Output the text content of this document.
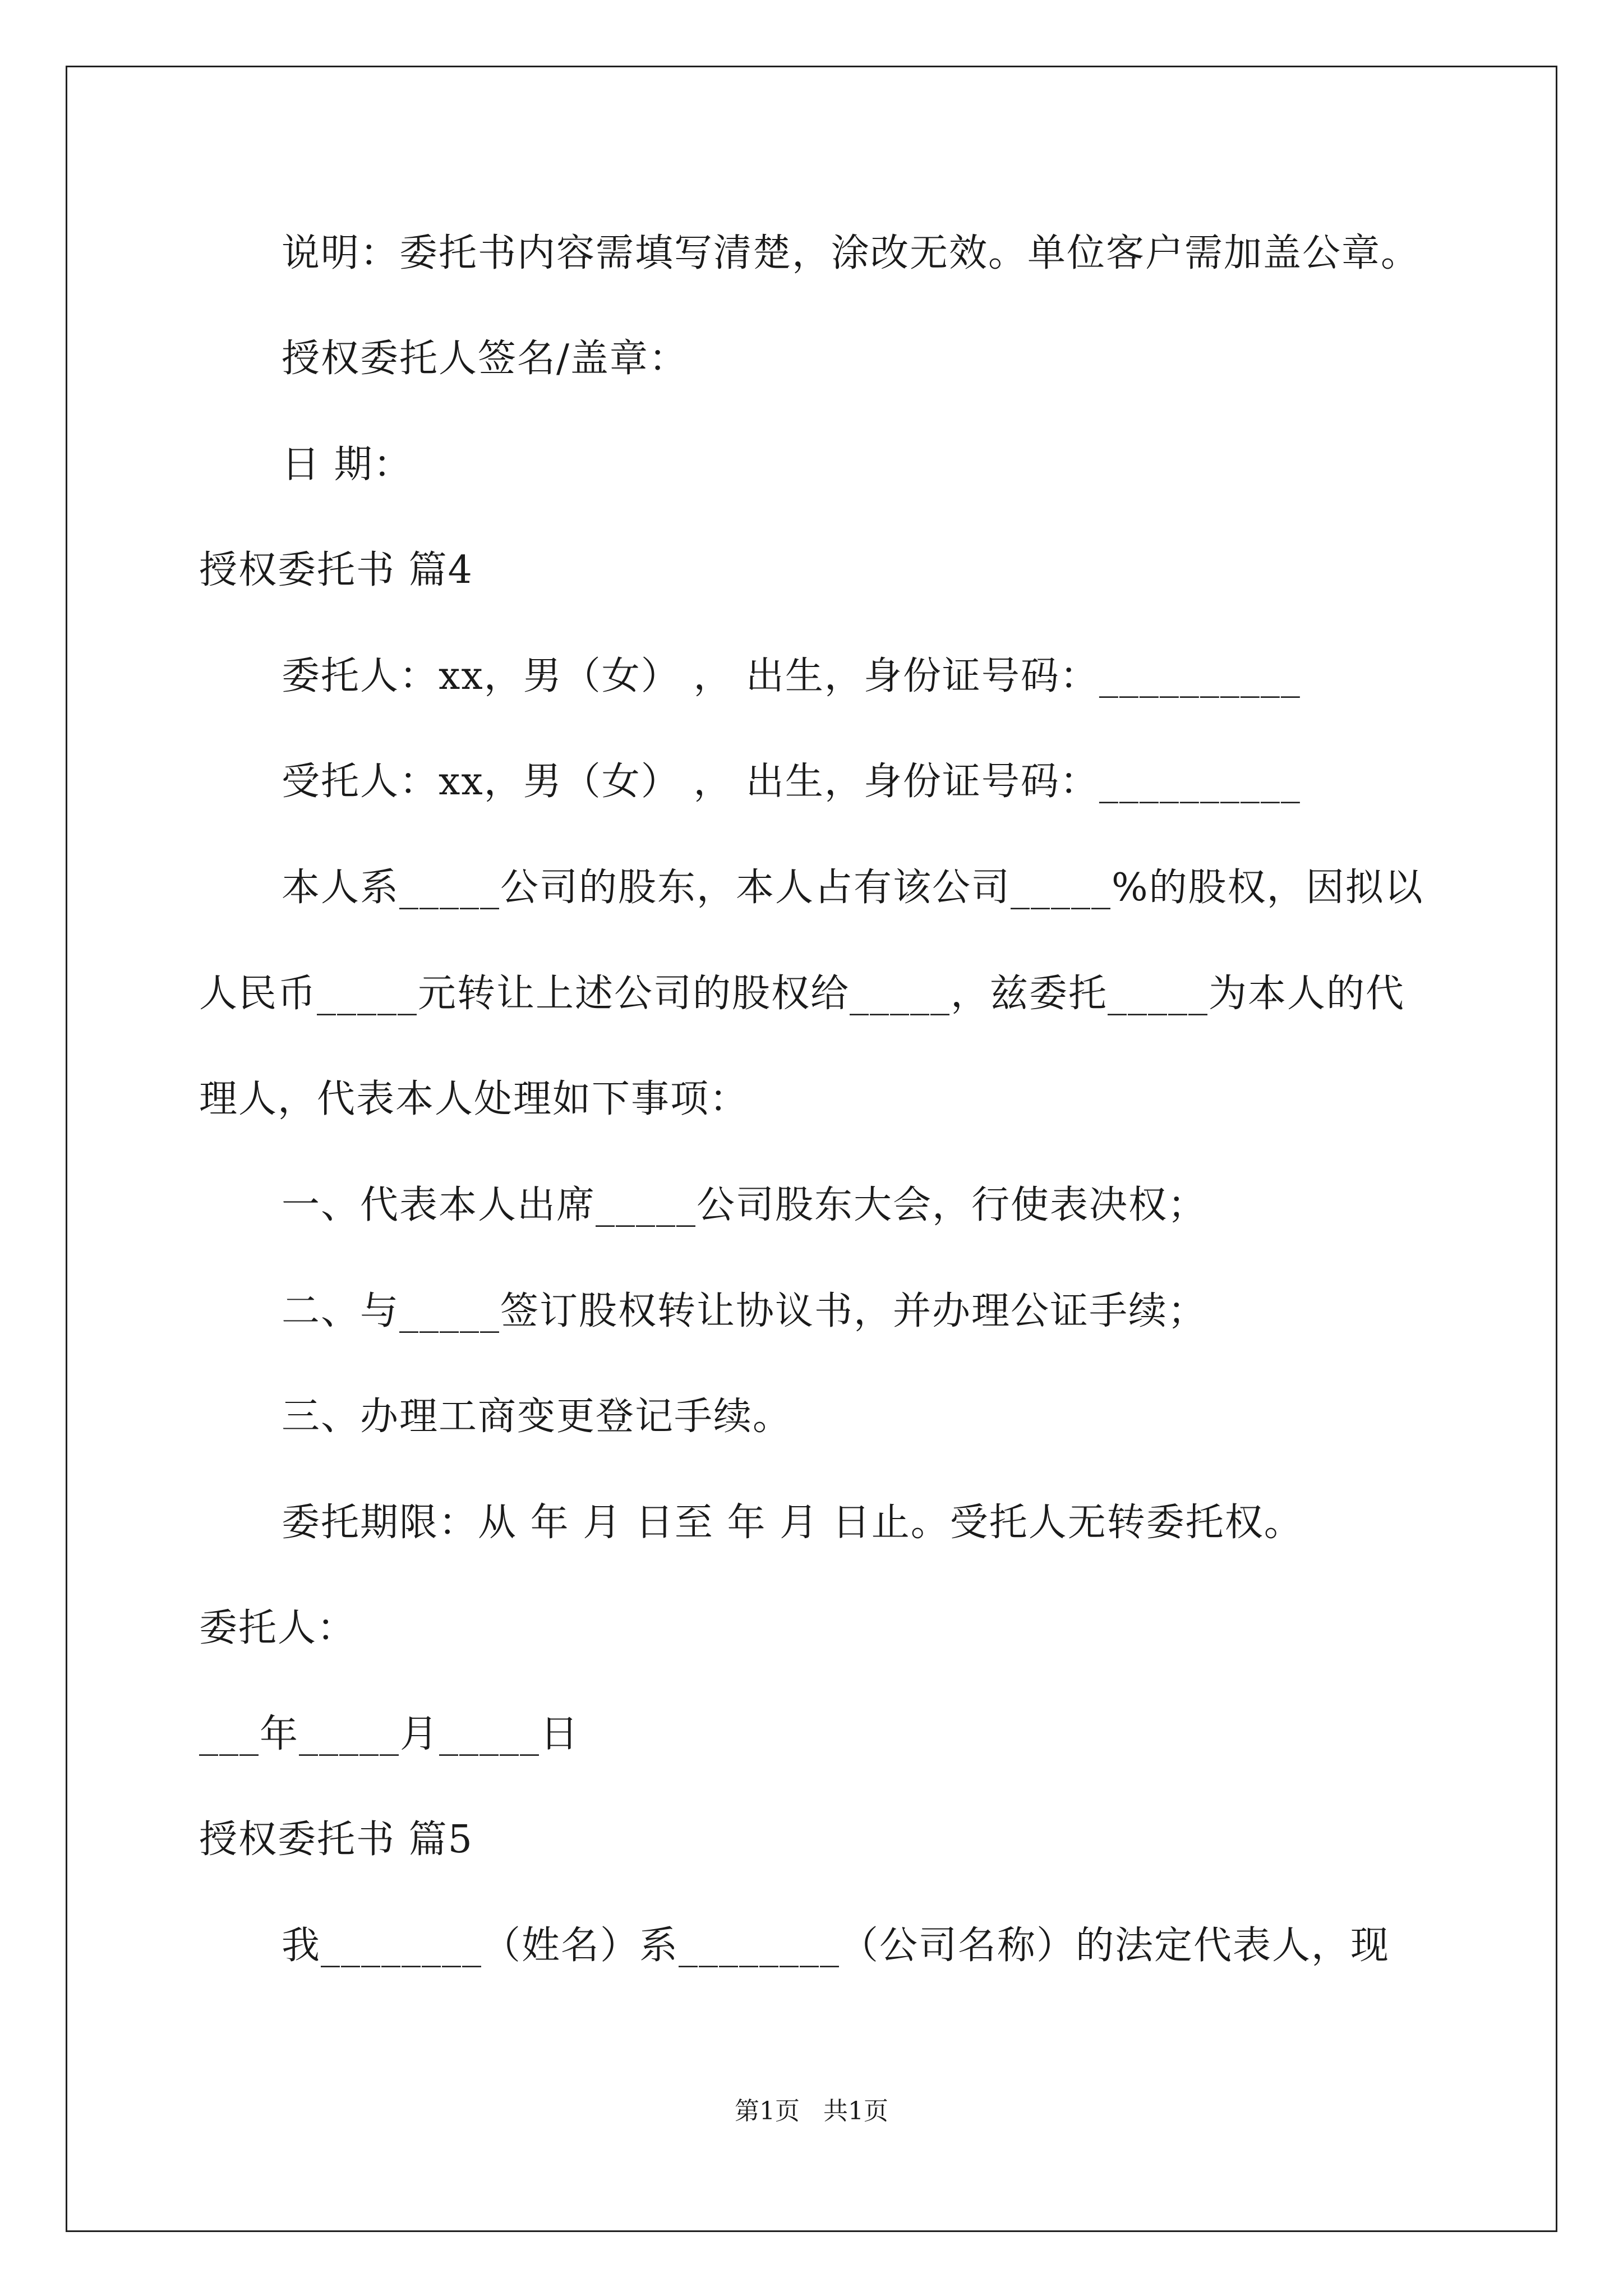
说明：委托书内容需填写清楚，涂改无效。单位客户需加盖公章。
授权委托人签名/盖章：
日 期：
授权委托书 篇4
委托人：xx，男（女） ， 出生，身份证号码：__________
受托人：xx，男（女） ， 出生，身份证号码：__________
本人系_____公司的股东，本人占有该公司_____%的股权，因拟以
人民币_____元转让上述公司的股权给_____，兹委托_____为本人的代
理人，代表本人处理如下事项：
一、代表本人出席_____公司股东大会，行使表决权；
二、与_____签订股权转让协议书，并办理公证手续；
三、办理工商变更登记手续。
委托期限：从 年 月 日至 年 月 日止。受托人无转委托权。
委托人：
___年_____月_____日
授权委托书 篇5
我________（姓名）系________（公司名称）的法定代表人，现
第1页   共1页
